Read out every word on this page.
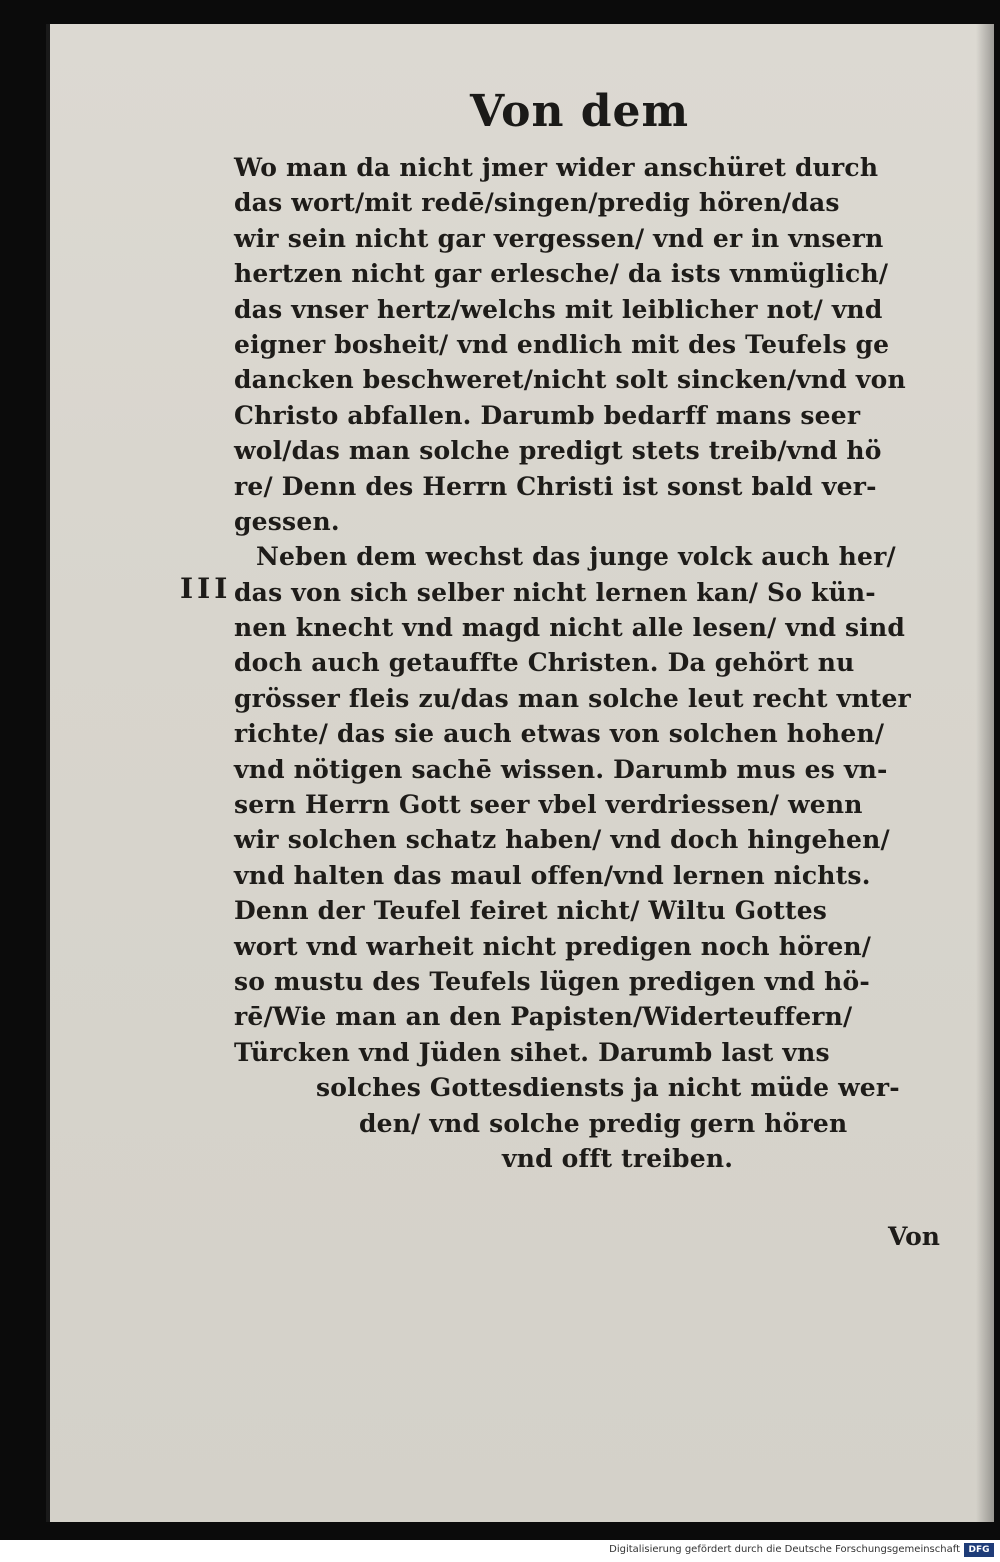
Von dem
III
Wo man da nicht jmer wider anschüret durch
das wort/mit redē/singen/predig hören/das
wir sein nicht gar vergessen/ vnd er in vnsern
hertzen nicht gar erlesche/ da ists vnmüglich/
das vnser hertz/welchs mit leiblicher not/ vnd
eigner bosheit/ vnd endlich mit des Teufels ge
dancken beschweret/nicht solt sincken/vnd von
Christo abfallen. Darumb bedarff mans seer
wol/das man solche predigt stets treib/vnd hö
re/ Denn des Herrn Christi ist sonst bald ver-
gessen.
Neben dem wechst das junge volck auch her/
das von sich selber nicht lernen kan/ So kün-
nen knecht vnd magd nicht alle lesen/ vnd sind
doch auch getauffte Christen. Da gehört nu
grösser fleis zu/das man solche leut recht vnter
richte/ das sie auch etwas von solchen hohen/
vnd nötigen sachē wissen. Darumb mus es vn-
sern Herrn Gott seer vbel verdriessen/ wenn
wir solchen schatz haben/ vnd doch hingehen/
vnd halten das maul offen/vnd lernen nichts.
Denn der Teufel feiret nicht/ Wiltu Gottes
wort vnd warheit nicht predigen noch hören/
so mustu des Teufels lügen predigen vnd hö-
rē/Wie man an den Papisten/Widerteuffern/
Türcken vnd Jüden sihet. Darumb last vns
solches Gottesdiensts ja nicht müde wer-
den/ vnd solche predig gern hören
vnd offt treiben.
Von
Digitalisierung gefördert durch die Deutsche Forschungsgemeinschaft DFG
